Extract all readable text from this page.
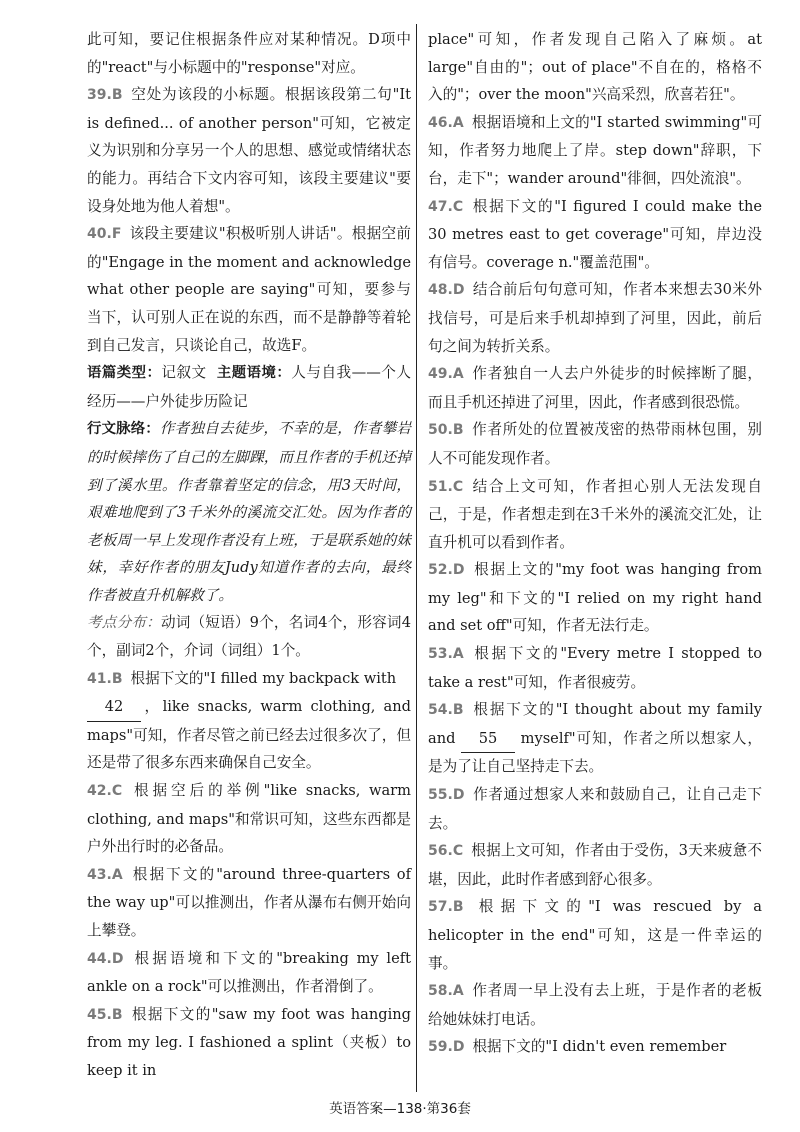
此可知，要记住根据条件应对某种情况。D项中的"react"与小标题中的"response"对应。

39.B 空处为该段的小标题。根据该段第二句"It is defined... of another person"可知，它被定义为识别和分享另一个人的思想、感觉或情绪状态的能力。再结合下文内容可知，该段主要建议"要设身处地为他人着想"。

40.F 该段主要建议"积极听别人讲话"。根据空前的"Engage in the moment and acknowledge what other people are saying"可知，要参与当下，认可别人正在说的东西，而不是静静等着轮到自己发言，只谈论自己，故选F。

语篇类型：记叙文 主题语境：人与自我——个人经历——户外徒步历险记

行文脉络：作者独自去徒步，不幸的是，作者攀岩的时候摔伤了自己的左脚踝，而且作者的手机还掉到了溪水里。作者靠着坚定的信念，用3天时间，艰难地爬到了3千米外的溪流交汇处。因为作者的老板周一早上发现作者没有上班，于是联系她的妹妹，幸好作者的朋友Judy知道作者的去向，最终作者被直升机解救了。

考点分布：动词（短语）9个，名词4个，形容词4个，副词2个，介词（词组）1个。

41.B 根据下文的"I filled my backpack with
42 ，like snacks, warm clothing, and maps"可知，作者尽管之前已经去过很多次了，但还是带了很多东西来确保自己安全。

42.C 根据空后的举例"like snacks, warm clothing, and maps"和常识可知，这些东西都是户外出行时的必备品。

43.A 根据下文的"around three-quarters of the way up"可以推测出，作者从瀑布右侧开始向上攀登。

44.D 根据语境和下文的"breaking my left ankle on a rock"可以推测出，作者滑倒了。

45.B 根据下文的"saw my foot was hanging from my leg. I fashioned a splint（夹板）to keep it in

place"可知，作者发现自己陷入了麻烦。at large"自由的"；out of place"不自在的，格格不入的"；over the moon"兴高采烈，欣喜若狂"。

46.A 根据语境和上文的"I started swimming"可知，作者努力地爬上了岸。step down"辞职，下台，走下"；wander around"徘徊，四处流浪"。

47.C 根据下文的"I figured I could make the 30 metres east to get coverage"可知，岸边没有信号。coverage n."覆盖范围"。

48.D 结合前后句句意可知，作者本来想去30米外找信号，可是后来手机却掉到了河里，因此，前后句之间为转折关系。

49.A 作者独自一人去户外徒步的时候摔断了腿，而且手机还掉进了河里，因此，作者感到很恐慌。

50.B 作者所处的位置被茂密的热带雨林包围，别人不可能发现作者。

51.C 结合上文可知，作者担心别人无法发现自己，于是，作者想走到在3千米外的溪流交汇处，让直升机可以看到作者。

52.D 根据上文的"my foot was hanging from my leg"和下文的"I relied on my right hand and set off"可知，作者无法行走。

53.A 根据下文的"Every metre I stopped to take a rest"可知，作者很疲劳。

54.B 根据下文的"I thought about my family and 55 myself"可知，作者之所以想家人，是为了让自己坚持走下去。

55.D 作者通过想家人来和鼓励自己，让自己走下去。

56.C 根据上文可知，作者由于受伤，3天来疲惫不堪，因此，此时作者感到舒心很多。

57.B 根据下文的"I was rescued by a helicopter in the end"可知，这是一件幸运的事。

58.A 作者周一早上没有去上班，于是作者的老板给她妹妹打电话。

59.D 根据下文的"I didn't even remember

英语答案—138·第36套
